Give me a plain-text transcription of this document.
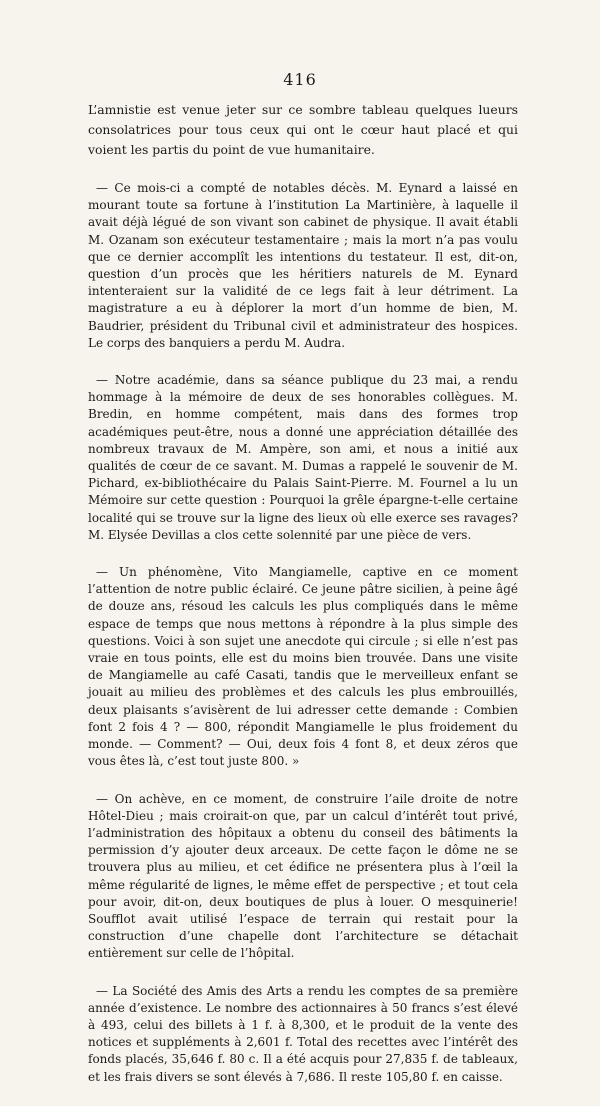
416

L’amnistie est venue jeter sur ce sombre tableau quelques lueurs consolatrices pour tous ceux qui ont le cœur haut placé et qui voient les partis du point de vue humanitaire.

— Ce mois-ci a compté de notables décès. M. Eynard a laissé en mourant toute sa fortune à l’institution La Martinière, à laquelle il avait déjà légué de son vivant son cabinet de physique. Il avait établi M. Ozanam son exécuteur testamentaire ; mais la mort n’a pas voulu que ce dernier accomplît les intentions du testateur. Il est, dit-on, question d’un procès que les héritiers naturels de M. Eynard intenteraient sur la validité de ce legs fait à leur détriment. La magistrature a eu à déplorer la mort d’un homme de bien, M. Baudrier, président du Tribunal civil et administrateur des hospices. Le corps des banquiers a perdu M. Audra.

— Notre académie, dans sa séance publique du 23 mai, a rendu hommage à la mémoire de deux de ses honorables collègues. M. Bredin, en homme compétent, mais dans des formes trop académiques peut-être, nous a donné une appréciation détaillée des nombreux travaux de M. Ampère, son ami, et nous a initié aux qualités de cœur de ce savant. M. Dumas a rappelé le souvenir de M. Pichard, ex-bibliothécaire du Palais Saint-Pierre. M. Fournel a lu un Mémoire sur cette question : Pourquoi la grêle épargne-t-elle certaine localité qui se trouve sur la ligne des lieux où elle exerce ses ravages? M. Elysée Devillas a clos cette solennité par une pièce de vers.

— Un phénomène, Vito Mangiamelle, captive en ce moment l’attention de notre public éclairé. Ce jeune pâtre sicilien, à peine âgé de douze ans, résoud les calculs les plus compliqués dans le même espace de temps que nous mettons à répondre à la plus simple des questions. Voici à son sujet une anecdote qui circule ; si elle n’est pas vraie en tous points, elle est du moins bien trouvée. Dans une visite de Mangiamelle au café Casati, tandis que le merveilleux enfant se jouait au milieu des problèmes et des calculs les plus embrouillés, deux plaisants s’avisèrent de lui adresser cette demande : Combien font 2 fois 4 ? — 800, répondit Mangiamelle le plus froidement du monde. — Comment? — Oui, deux fois 4 font 8, et deux zéros que vous êtes là, c’est tout juste 800. »

— On achève, en ce moment, de construire l’aile droite de notre Hôtel-Dieu ; mais croirait-on que, par un calcul d’intérêt tout privé, l’administration des hôpitaux a obtenu du conseil des bâtiments la permission d’y ajouter deux arceaux. De cette façon le dôme ne se trouvera plus au milieu, et cet édifice ne présentera plus à l’œil la même régularité de lignes, le même effet de perspective ; et tout cela pour avoir, dit-on, deux boutiques de plus à louer. O mesquinerie! Soufflot avait utilisé l’espace de terrain qui restait pour la construction d’une chapelle dont l’architecture se détachait entièrement sur celle de l’hôpital.

— La Société des Amis des Arts a rendu les comptes de sa première année d’existence. Le nombre des actionnaires à 50 francs s’est élevé à 493, celui des billets à 1 f. à 8,300, et le produit de la vente des notices et suppléments à 2,601 f. Total des recettes avec l’intérêt des fonds placés, 35,646 f. 80 c. Il a été acquis pour 27,835 f. de tableaux, et les frais divers se sont élevés à 7,686. Il reste 105,80 f. en caisse.
